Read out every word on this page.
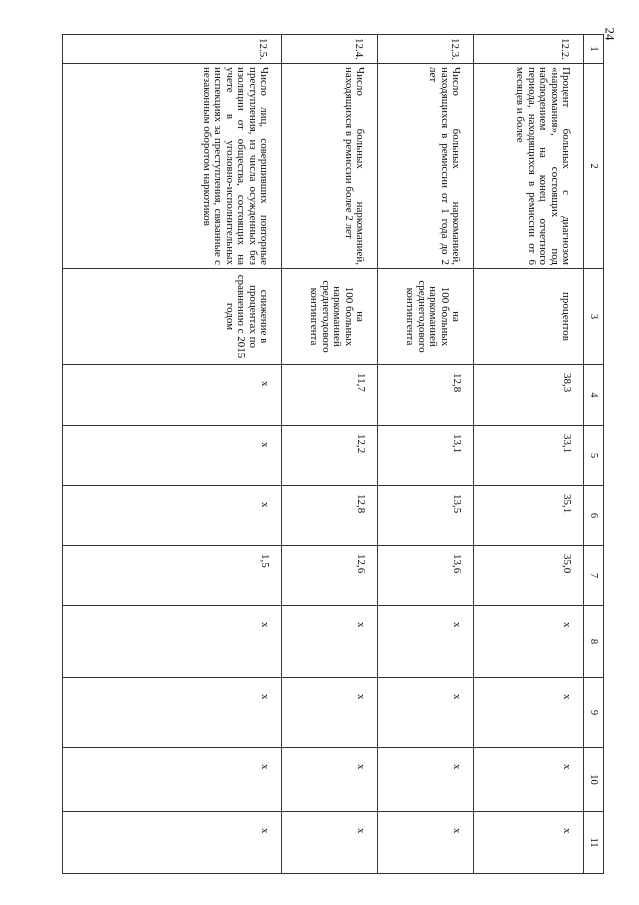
24
1	2	3	4	5	6	7	8	9	10	11
12.2.	Процент больных с диагнозом «наркомания», состоящих под наблюдением на конец отчетного периода, находящихся в ремиссии от 6 месяцев и более	процентов	38,3	33,1	35,1	35,0	х	х	х	х
12.3.	Число больных наркоманией, находящихся в ремиссии от 1 года до 2 лет	на
100 больных наркоманией среднегодового контингента	12,8	13,1	13,5	13,6	х	х	х	х
12.4.	Число больных наркоманией, находящихся в ремиссии более 2 лет	на
100 больных наркоманией среднегодового контингента	11,7	12,2	12,8	12,6	х	х	х	х
12.5.	Число лиц, совершивших повторные преступления, из числа осужденных без изоляции от общества, состоящих на учете в уголовно-исполнительных инспекциях за преступления, связанные с незаконным оборотом наркотиков	снижение в процентах по сравнению с 2015 годом	х	х	х	1,5	х	х	х	х
